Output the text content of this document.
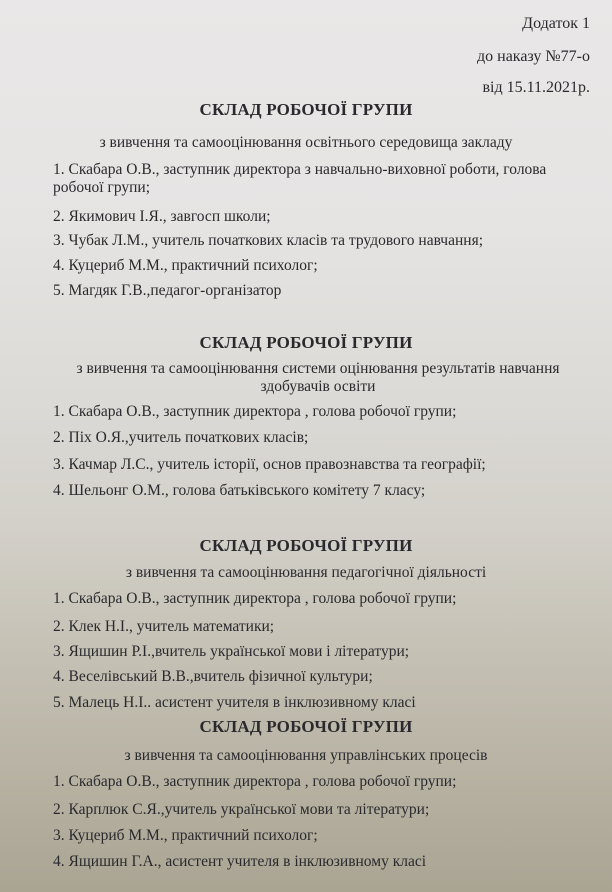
Додаток 1
до наказу №77-о
від 15.11.2021р.
СКЛАД РОБОЧОЇ ГРУПИ
з вивчення та самооцінювання освітнього середовища закладу
1. Скабара О.В., заступник директора з навчально-виховної роботи, голова
робочої групи;
2. Якимович І.Я., завгосп школи;
3. Чубак Л.М., учитель початкових класів та трудового навчання;
4. Куцериб М.М., практичний психолог;
5. Магдяк Г.В.,педагог-організатор
СКЛАД РОБОЧОЇ ГРУПИ
з вивчення та самооцінювання системи оцінювання результатів навчання
здобувачів освіти
1. Скабара О.В., заступник директора , голова робочої групи;
2. Піх О.Я.,учитель початкових класів;
3. Качмар Л.С., учитель історії, основ правознавства та географії;
4. Шельонг О.М., голова батьківського комітету 7 класу;
СКЛАД РОБОЧОЇ ГРУПИ
з вивчення та самооцінювання педагогічної діяльності
1. Скабара О.В., заступник директора , голова робочої групи;
2. Клек Н.І., учитель математики;
3. Ящишин Р.І.,вчитель української мови і літератури;
4. Веселівський В.В.,вчитель фізичної культури;
5. Малець Н.І.. асистент учителя в інклюзивному класі
СКЛАД РОБОЧОЇ ГРУПИ
з вивчення та самооцінювання управлінських процесів
1. Скабара О.В., заступник директора , голова робочої групи;
2. Карплюк С.Я.,учитель української мови та літератури;
3. Куцериб М.М., практичний психолог;
4. Ящишин Г.А., асистент учителя в інклюзивному класі
